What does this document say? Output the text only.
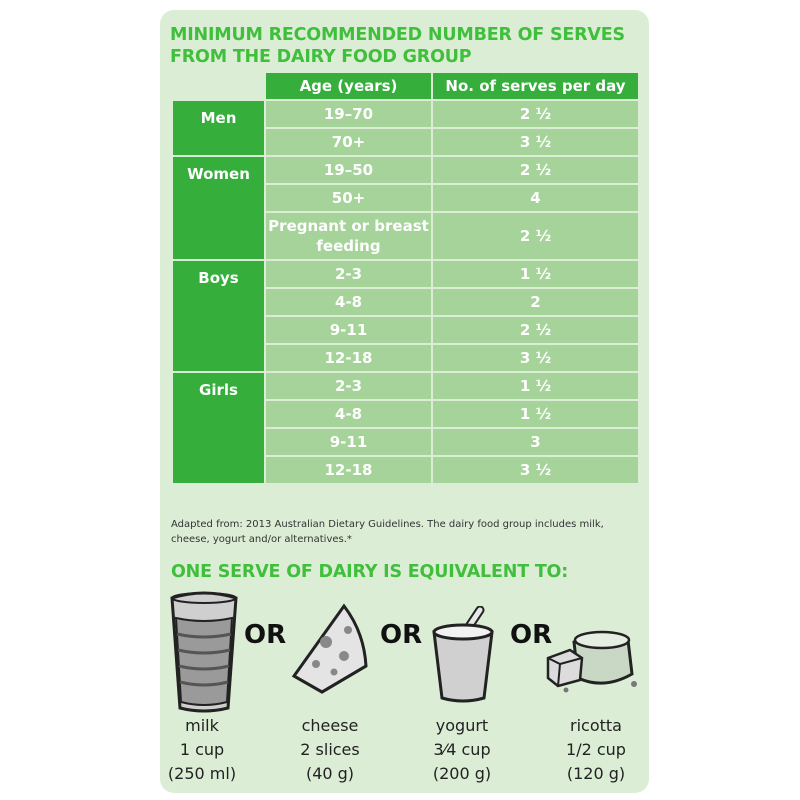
MINIMUM RECOMMENDED NUMBER OF SERVES FROM THE DAIRY FOOD GROUP
	Age (years)	No. of serves per day
Men	19–70	2 ½
	70+	3 ½
Women	19–50	2 ½
	50+	4
	Pregnant or breast feeding	2 ½
Boys	2-3	1 ½
	4-8	2
	9-11	2 ½
	12-18	3 ½
Girls	2-3	1 ½
	4-8	1 ½
	9-11	3
	12-18	3 ½

Adapted from: 2013 Australian Dietary Guidelines. The dairy food group includes milk, cheese, yogurt and/or alternatives.*

ONE SERVE OF DAIRY IS EQUIVALENT TO:
OR	OR	OR
milk
1 cup
(250 ml)
cheese
2 slices
(40 g)
yogurt
3⁄4 cup
(200 g)
ricotta
1/2 cup
(120 g)
